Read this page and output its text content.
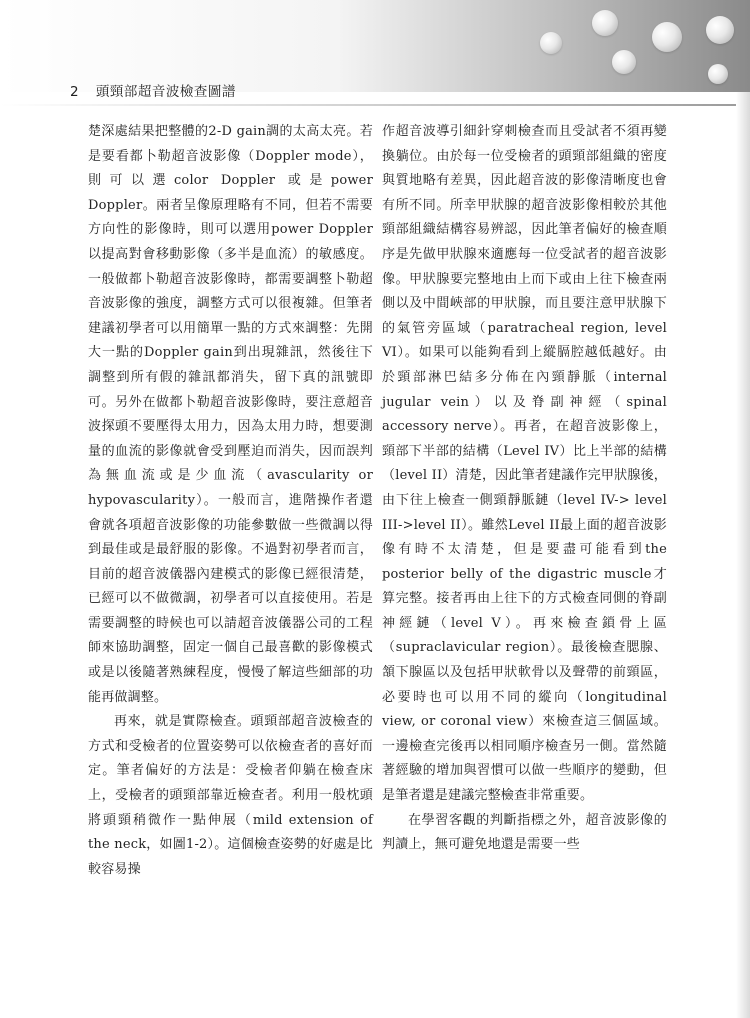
2 頭頸部超音波檢查圖譜

楚深處結果把整體的2-D gain調的太高太亮。若是要看都卜勒超音波影像（Doppler mode），則可以選color Doppler 或是power Doppler。兩者呈像原理略有不同，但若不需要方向性的影像時，則可以選用power Doppler以提高對會移動影像（多半是血流）的敏感度。一般做都卜勒超音波影像時，都需要調整卜勒超音波影像的強度，調整方式可以很複雜。但筆者建議初學者可以用簡單一點的方式來調整：先開大一點的Doppler gain到出現雜訊，然後往下調整到所有假的雜訊都消失，留下真的訊號即可。另外在做都卜勒超音波影像時，要注意超音波探頭不要壓得太用力，因為太用力時，想要測量的血流的影像就會受到壓迫而消失，因而誤判為無血流或是少血流（avascularity or hypovascularity）。一般而言，進階操作者還會就各項超音波影像的功能參數做一些微調以得到最佳或是最舒服的影像。不過對初學者而言，目前的超音波儀器內建模式的影像已經很清楚，已經可以不做微調，初學者可以直接使用。若是需要調整的時候也可以請超音波儀器公司的工程師來協助調整，固定一個自己最喜歡的影像模式或是以後隨著熟練程度，慢慢了解這些細部的功能再做調整。

再來，就是實際檢查。頭頸部超音波檢查的方式和受檢者的位置姿勢可以依檢查者的喜好而定。筆者偏好的方法是：受檢者仰躺在檢查床上，受檢者的頭頸部靠近檢查者。利用一般枕頭將頭頸稍微作一點伸展（mild extension of the neck，如圖1-2）。這個檢查姿勢的好處是比較容易操

作超音波導引細針穿刺檢查而且受試者不須再變換躺位。由於每一位受檢者的頭頸部組織的密度與質地略有差異，因此超音波的影像清晰度也會有所不同。所幸甲狀腺的超音波影像相較於其他頸部組織結構容易辨認，因此筆者偏好的檢查順序是先做甲狀腺來適應每一位受試者的超音波影像。甲狀腺要完整地由上而下或由上往下檢查兩側以及中間峽部的甲狀腺，而且要注意甲狀腺下的氣管旁區域（paratracheal region, level VI）。如果可以能夠看到上縱膈腔越低越好。由於頸部淋巴結多分佈在內頸靜脈（internal jugular vein）以及脊副神經（spinal accessory nerve）。再者，在超音波影像上，頸部下半部的結構（Level IV）比上半部的結構（level II）清楚，因此筆者建議作完甲狀腺後，由下往上檢查一側頸靜脈鏈（level IV-> level III->level II）。雖然Level II最上面的超音波影像有時不太清楚，但是要盡可能看到the posterior belly of the digastric muscle才算完整。接者再由上往下的方式檢查同側的脊副神經鏈（level V）。再來檢查鎖骨上區（supraclavicular region）。最後檢查腮腺、頷下腺區以及包括甲狀軟骨以及聲帶的前頸區，必要時也可以用不同的縱向（longitudinal view, or coronal view）來檢查這三個區域。一邊檢查完後再以相同順序檢查另一側。當然隨著經驗的增加與習慣可以做一些順序的變動，但是筆者還是建議完整檢查非常重要。

在學習客觀的判斷指標之外，超音波影像的判讀上，無可避免地還是需要一些
